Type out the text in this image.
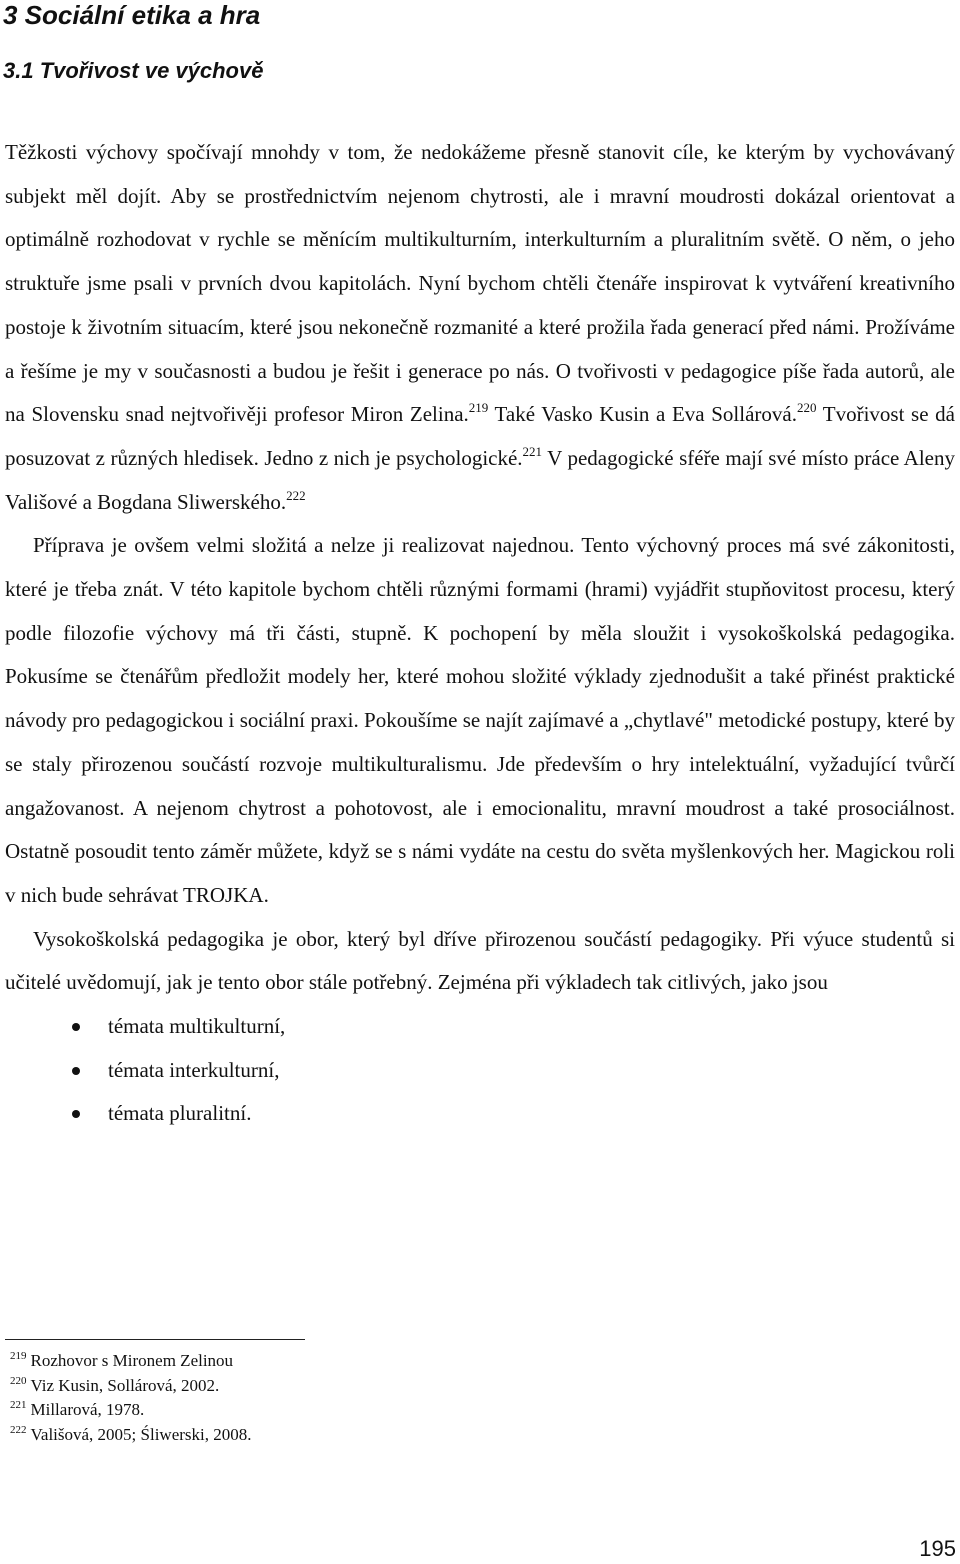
3 Sociální etika a hra
3.1 Tvořivost ve výchově

Těžkosti výchovy spočívají mnohdy v tom, že nedokážeme přesně stanovit cíle, ke kterým by vychovávaný subjekt měl dojít. Aby se prostřednictvím nejenom chytrosti, ale i mravní moudrosti dokázal orientovat a optimálně rozhodovat v rychle se měnícím multikulturním, interkulturním a pluralitním světě. O něm, o jeho struktuře jsme psali v prvních dvou kapitolách. Nyní bychom chtěli čtenáře inspirovat k vytváření kreativního postoje k životním situacím, které jsou nekonečně rozmanité a které prožila řada generací před námi. Prožíváme a řešíme je my v současnosti a budou je řešit i generace po nás. O tvořivosti v pedagogice píše řada autorů, ale na Slovensku snad nejtvořivěji profesor Miron Zelina.$^{219}$ Také Vasko Kusin a Eva Sollárová.$^{220}$ Tvořivost se dá posuzovat z různých hledisek. Jedno z nich je psychologické.$^{221}$ V pedagogické sféře mají své místo práce Aleny Vališové a Bogdana Sliwerského.$^{222}$

Příprava je ovšem velmi složitá a nelze ji realizovat najednou. Tento výchovný proces má své zákonitosti, které je třeba znát. V této kapitole bychom chtěli různými formami (hrami) vyjádřit stupňovitost procesu, který podle filozofie výchovy má tři části, stupně. K pochopení by měla sloužit i vysokoškolská pedagogika. Pokusíme se čtenářům předložit modely her, které mohou složité výklady zjednodušit a také přinést praktické návody pro pedagogickou i sociální praxi. Pokoušíme se najít zajímavé a „chytlavé" metodické postupy, které by se staly přirozenou součástí rozvoje multikulturalismu. Jde především o hry intelektuální, vyžadující tvůrčí angažovanost. A nejenom chytrost a pohotovost, ale i emocionalitu, mravní moudrost a také prosociálnost. Ostatně posoudit tento záměr můžete, když se s námi vydáte na cestu do světa myšlenkových her. Magickou roli v nich bude sehrávat TROJKA.

Vysokoškolská pedagogika je obor, který byl dříve přirozenou součástí pedagogiky. Při výuce studentů si učitelé uvědomují, jak je tento obor stále potřebný. Zejména při výkladech tak citlivých, jako jsou

témata multikulturní,
témata interkulturní,
témata pluralitní.
$^{219}$ Rozhovor s Mironem Zelinou
$^{220}$ Viz Kusin, Sollárová, 2002.
$^{221}$ Millarová, 1978.
$^{222}$ Vališová, 2005; Śliwerski, 2008.
195
